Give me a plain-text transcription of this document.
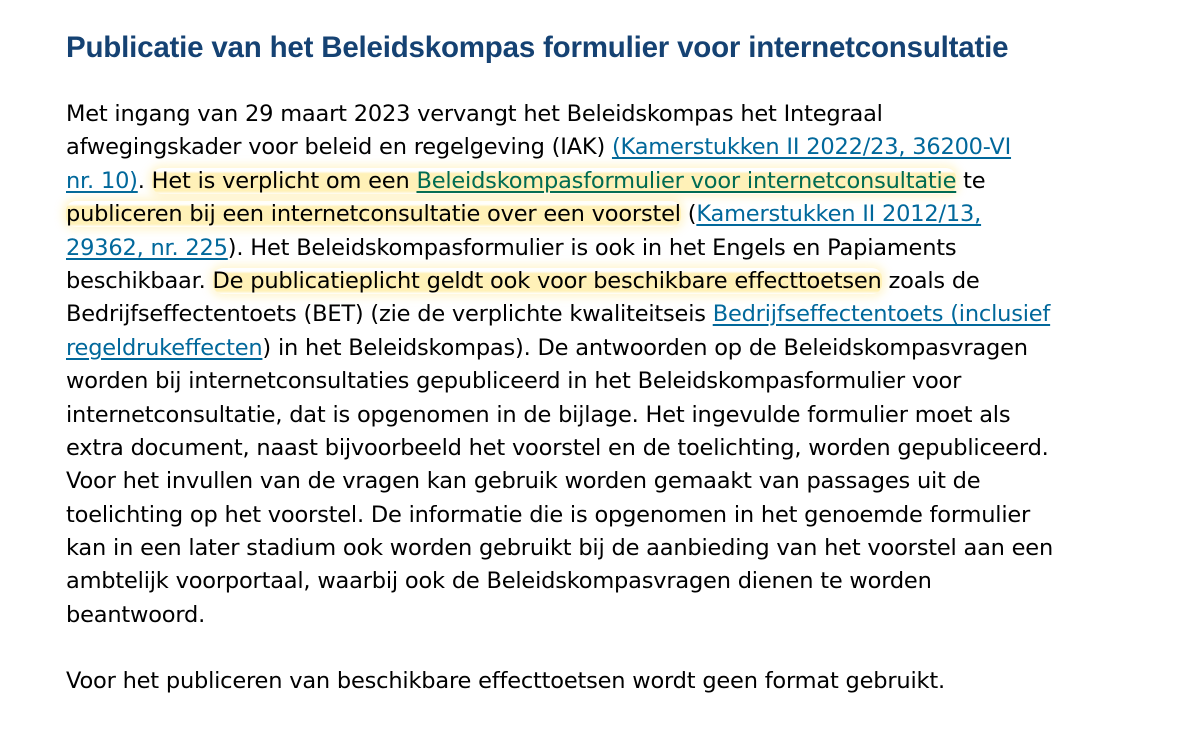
Publicatie van het Beleidskompas formulier voor internetconsultatie

Met ingang van 29 maart 2023 vervangt het Beleidskompas het Integraal
afwegingskader voor beleid en regelgeving (IAK) (Kamerstukken II 2022/23, 36200-VI
nr. 10). Het is verplicht om een Beleidskompasformulier voor internetconsultatie te
publiceren bij een internetconsultatie over een voorstel (Kamerstukken II 2012/13,
29362, nr. 225). Het Beleidskompasformulier is ook in het Engels en Papiaments
beschikbaar. De publicatieplicht geldt ook voor beschikbare effecttoetsen zoals de
Bedrijfseffectentoets (BET) (zie de verplichte kwaliteitseis Bedrijfseffectentoets (inclusief
regeldrukeffecten) in het Beleidskompas). De antwoorden op de Beleidskompasvragen
worden bij internetconsultaties gepubliceerd in het Beleidskompasformulier voor
internetconsultatie, dat is opgenomen in de bijlage. Het ingevulde formulier moet als
extra document, naast bijvoorbeeld het voorstel en de toelichting, worden gepubliceerd.
Voor het invullen van de vragen kan gebruik worden gemaakt van passages uit de
toelichting op het voorstel. De informatie die is opgenomen in het genoemde formulier
kan in een later stadium ook worden gebruikt bij de aanbieding van het voorstel aan een
ambtelijk voorportaal, waarbij ook de Beleidskompasvragen dienen te worden
beantwoord.

Voor het publiceren van beschikbare effecttoetsen wordt geen format gebruikt.
